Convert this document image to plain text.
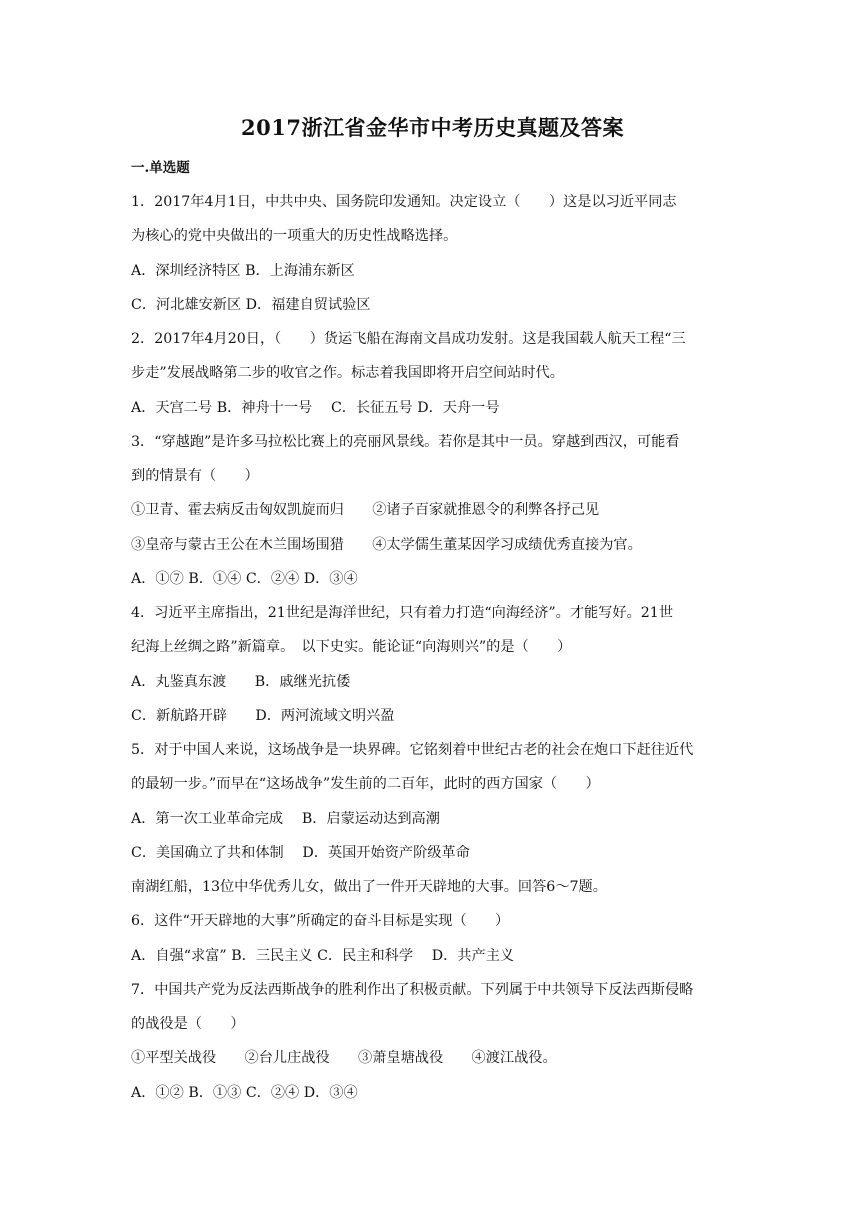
2017浙江省金华市中考历史真题及答案
一.单选题
1．2017年4月1日，中共中央、国务院印发通知。决定设立（　　）这是以习近平同志
为核心的党中央做出的一项重大的历史性战略选择。
A．深圳经济特区 B．上海浦东新区
C．河北雄安新区 D．福建自贸试验区
2．2017年4月20日，（　　）货运飞船在海南文昌成功发射。这是我国载人航天工程“三
步走”发展战略第二步的收官之作。标志着我国即将开启空间站时代。
A．天宫二号 B．神舟十一号　 C．长征五号 D．天舟一号
3．“穿越跑”是许多马拉松比赛上的亮丽风景线。若你是其中一员。穿越到西汉，可能看
到的情景有（　　）
①卫青、霍去病反击匈奴凯旋而归　　②诸子百家就推恩令的利弊各抒己见
③皇帝与蒙古王公在木兰围场围猎　　④太学儒生董某因学习成绩优秀直接为官。
A．①⑦ B．①④ C．②④ D．③④
4．习近平主席指出，21世纪是海洋世纪，只有着力打造“向海经济”。才能写好。21世
纪海上丝绸之路”新篇章。　以下史实。能论证“向海则兴”的是（　　）
A．丸鉴真东渡　　B．戚继光抗倭
C．新航路开辟　　D．两河流域文明兴盈
5．对于中国人来说，这场战争是一块界碑。它铭刻着中世纪古老的社会在炮口下赶往近代
的最轫一步。”而早在“这场战争”发生前的二百年，此时的西方国家（　　）
A．第一次工业革命完成　 B．启蒙运动达到高潮
C．美国确立了共和体制　 D．英国开始资产阶级革命
南湖红船，13位中华优秀儿女，做出了一件开天辟地的大事。回答6～7题。
6．这件“开天辟地的大事”所确定的奋斗目标是实现（　　）
A．自强“求富” B．三民主义 C．民主和科学　 D．共产主义
7．中国共产党为反法西斯战争的胜利作出了积极贡献。下列属于中共领导下反法西斯侵略
的战役是（　　）
①平型关战役　　②台儿庄战役　　③萧皇塘战役　　④渡江战役。
A．①② B．①③ C．②④ D．③④
